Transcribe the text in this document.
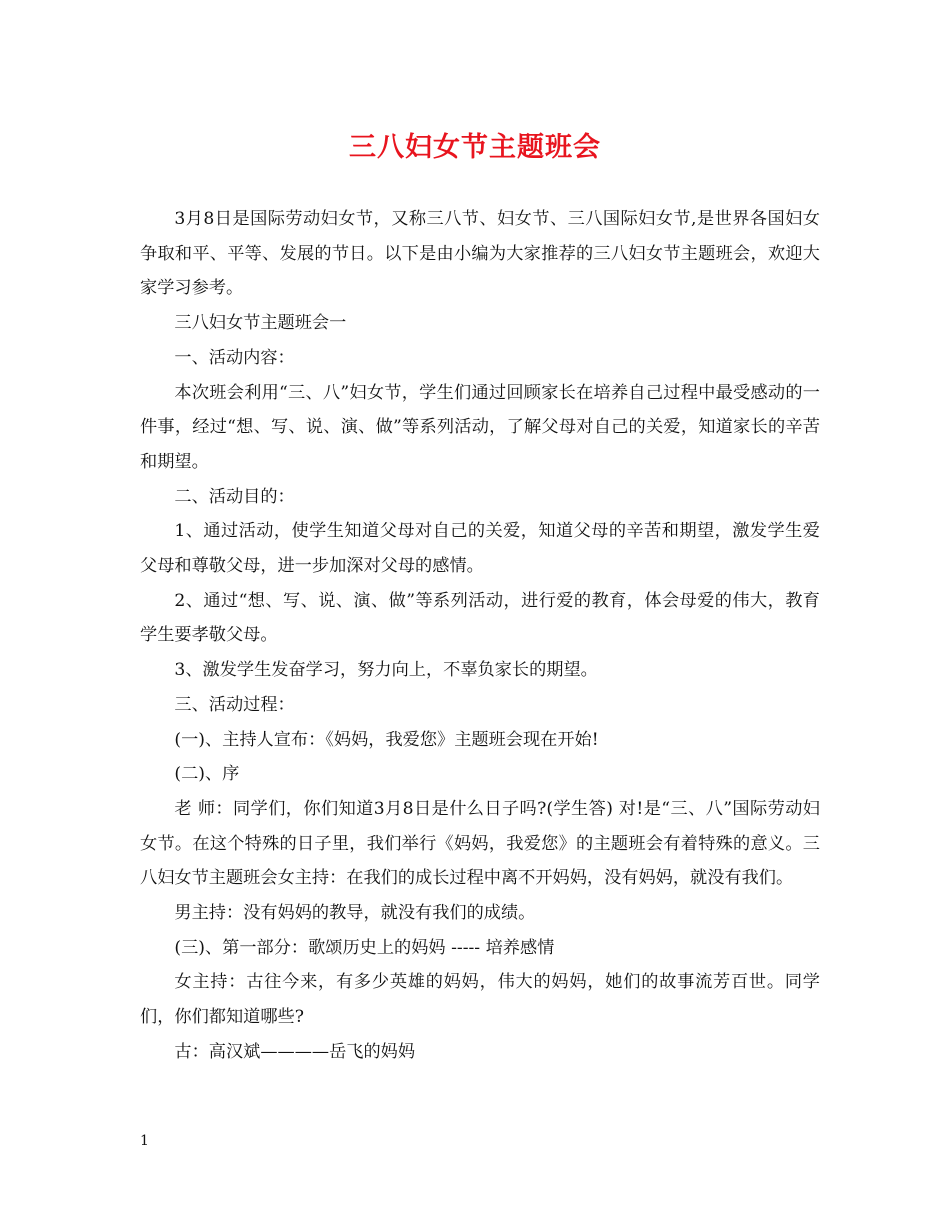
三八妇女节主题班会

3月8日是国际劳动妇女节，又称三八节、妇女节、三八国际妇女节,是世界各国妇女争取和平、平等、发展的节日。以下是由小编为大家推荐的三八妇女节主题班会，欢迎大家学习参考。

三八妇女节主题班会一

一、活动内容：

本次班会利用“三、八”妇女节，学生们通过回顾家长在培养自己过程中最受感动的一件事，经过“想、写、说、演、做”等系列活动，了解父母对自己的关爱，知道家长的辛苦和期望。

二、活动目的：

1、通过活动，使学生知道父母对自己的关爱，知道父母的辛苦和期望，激发学生爱父母和尊敬父母，进一步加深对父母的感情。

2、通过“想、写、说、演、做”等系列活动，进行爱的教育，体会母爱的伟大，教育学生要孝敬父母。

3、激发学生发奋学习，努力向上，不辜负家长的期望。

三、活动过程：

(一)、主持人宣布：《妈妈，我爱您》主题班会现在开始!

(二)、序

老 师：同学们，你们知道3月8日是什么日子吗?(学生答) 对!是“三、八”国际劳动妇女节。在这个特殊的日子里，我们举行《妈妈，我爱您》的主题班会有着特殊的意义。三八妇女节主题班会女主持：在我们的成长过程中离不开妈妈，没有妈妈，就没有我们。

男主持：没有妈妈的教导，就没有我们的成绩。

(三)、第一部分：歌颂历史上的妈妈 ----- 培养感情

女主持：古往今来，有多少英雄的妈妈，伟大的妈妈，她们的故事流芳百世。同学们，你们都知道哪些?

古：高汉斌————岳飞的妈妈

1
